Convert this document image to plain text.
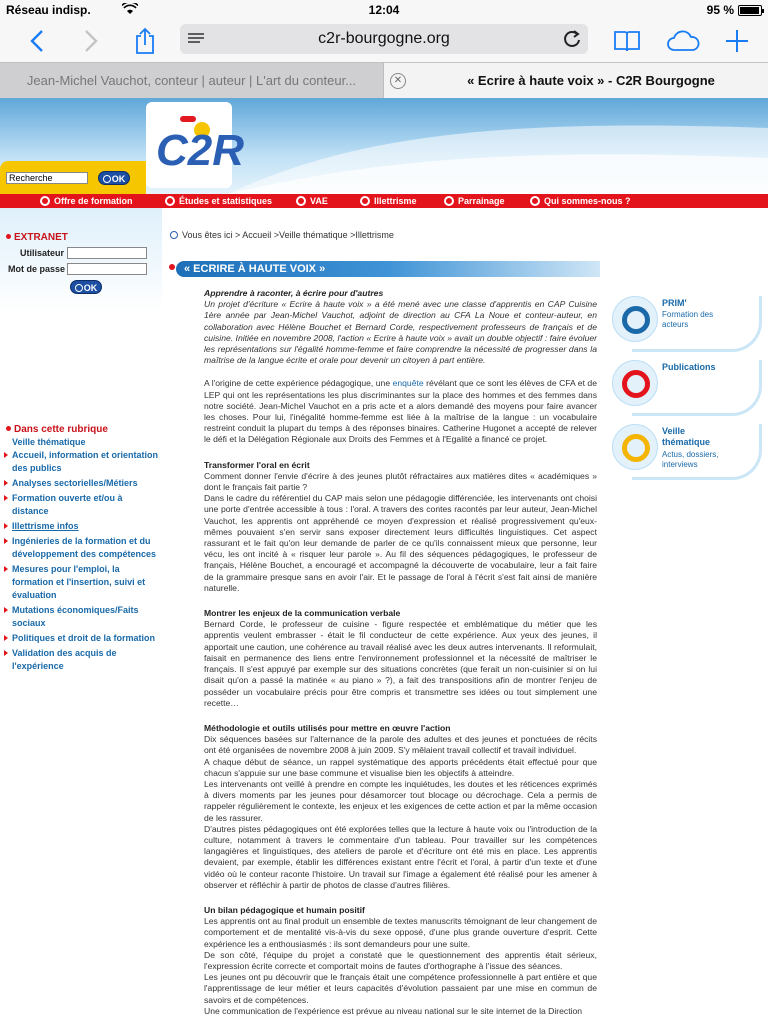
Réseau indisp.	12:04	95 %
c2r-bourgogne.org
Jean-Michel Vauchot, conteur | auteur | L'art du conteur...	✕	« Ecrire à haute voix » - C2R Bourgogne
C2R
Recherche
OK
Offre de formation	Études et statistiques	VAE	Illettrisme	Parrainage	Qui sommes-nous ?
EXTRANET
Utilisateur
Mot de passe
OK
Dans cette rubrique
Veille thématique
Accueil, information et orientation des publics
Analyses sectorielles/Métiers
Formation ouverte et/ou à distance
Illettrisme infos
Ingénieries de la formation et du développement des compétences
Mesures pour l'emploi, la formation et l'insertion, suivi et évaluation
Mutations économiques/Faits sociaux
Politiques et droit de la formation
Validation des acquis de l'expérience
Vous êtes ici > Accueil >Veille thématique >Illettrisme
« ECRIRE À HAUTE VOIX »
Apprendre à raconter, à écrire pour d'autres

Un projet d'écriture « Ecrire à haute voix » a été mené avec une classe d'apprentis en CAP Cuisine 1ère année par Jean-Michel Vauchot, adjoint de direction au CFA La Noue et conteur-auteur, en collaboration avec Hélène Bouchet et Bernard Corde, respectivement professeurs de français et de cuisine. Initiée en novembre 2008, l'action « Ecrire à haute voix » avait un double objectif : faire évoluer les représentations sur l'égalité homme-femme et faire comprendre la nécessité de progresser dans la maîtrise de la langue écrite et orale pour devenir un citoyen à part entière.

A l'origine de cette expérience pédagogique, une enquête révélant que ce sont les élèves de CFA et de LEP qui ont les représentations les plus discriminantes sur la place des hommes et des femmes dans notre société. Jean-Michel Vauchot en a pris acte et a alors demandé des moyens pour faire avancer les choses. Pour lui, l'inégalité homme-femme est liée à la maîtrise de la langue : un vocabulaire restreint conduit la plupart du temps à des réponses binaires. Catherine Hugonet a accepté de relever le défi et la Délégation Régionale aux Droits des Femmes et à l'Egalité a financé ce projet.

Transformer l'oral en écrit
Comment donner l'envie d'écrire à des jeunes plutôt réfractaires aux matières dites « académiques » dont le français fait partie ?

Dans le cadre du référentiel du CAP mais selon une pédagogie différenciée, les intervenants ont choisi une porte d'entrée accessible à tous : l'oral. A travers des contes racontés par leur auteur, Jean-Michel Vauchot, les apprentis ont appréhendé ce moyen d'expression et réalisé progressivement qu'eux-mêmes pouvaient s'en servir sans exposer directement leurs difficultés linguistiques. Cet aspect rassurant et le fait qu'on leur demande de parler de ce qu'ils connaissent mieux que personne, leur vécu, les ont incité à « risquer leur parole ». Au fil des séquences pédagogiques, le professeur de français, Hélène Bouchet, a encouragé et accompagné la découverte de vocabulaire, leur a fait faire de la grammaire presque sans en avoir l'air. Et le passage de l'oral à l'écrit s'est fait ainsi de manière naturelle.

Montrer les enjeux de la communication verbale

Bernard Corde, le professeur de cuisine - figure respectée et emblématique du métier que les apprentis veulent embrasser - était le fil conducteur de cette expérience. Aux yeux des jeunes, il apportait une caution, une cohérence au travail réalisé avec les deux autres intervenants. Il reformulait, faisait en permanence des liens entre l'environnement professionnel et la nécessité de maîtriser le français. Il s'est appuyé par exemple sur des situations concrètes (que ferait un non-cuisinier si on lui disait qu'on a passé la matinée « au piano » ?), a fait des transpositions afin de montrer l'enjeu de posséder un vocabulaire précis pour être compris et transmettre ses idées ou tout simplement une recette…

Méthodologie et outils utilisés pour mettre en œuvre l'action
Dix séquences basées sur l'alternance de la parole des adultes et des jeunes et ponctuées de récits ont été organisées de novembre 2008 à juin 2009. S'y mêlaient travail collectif et travail individuel.
A chaque début de séance, un rappel systématique des apports précédents était effectué pour que chacun s'appuie sur une base commune et visualise bien les objectifs à atteindre.
Les intervenants ont veillé à prendre en compte les inquiétudes, les doutes et les réticences exprimés à divers moments par les jeunes pour désamorcer tout blocage ou décrochage. Cela a permis de rappeler régulièrement le contexte, les enjeux et les exigences de cette action et par la même occasion de les rassurer.

D'autres pistes pédagogiques ont été explorées telles que la lecture à haute voix ou l'introduction de la culture, notamment à travers le commentaire d'un tableau. Pour travailler sur les compétences langagières et linguistiques, des ateliers de parole et d'écriture ont été mis en place. Les apprentis devaient, par exemple, établir les différences existant entre l'écrit et l'oral, à partir d'un texte et d'une vidéo où le conteur raconte l'histoire. Un travail sur l'image a également été réalisé pour les amener à observer et réfléchir à partir de photos de classe d'autres filières.

Un bilan pédagogique et humain positif
Les apprentis ont au final produit un ensemble de textes manuscrits témoignant de leur changement de comportement et de mentalité vis-à-vis du sexe opposé, d'une plus grande ouverture d'esprit. Cette expérience les a enthousiasmés : ils sont demandeurs pour une suite.
De son côté, l'équipe du projet a constaté que le questionnement des apprentis était sérieux, l'expression écrite correcte et comportait moins de fautes d'orthographe à l'issue des séances.
Les jeunes ont pu découvrir que le français était une compétence professionnelle à part entière et que l'apprentissage de leur métier et leurs capacités d'évolution passaient par une mise en commun de savoirs et de compétences.
Une communication de l'expérience est prévue au niveau national sur le site internet de la Direction
PRIM'
Formation des acteurs
Publications
Veille thématique
Actus, dossiers, interviews
